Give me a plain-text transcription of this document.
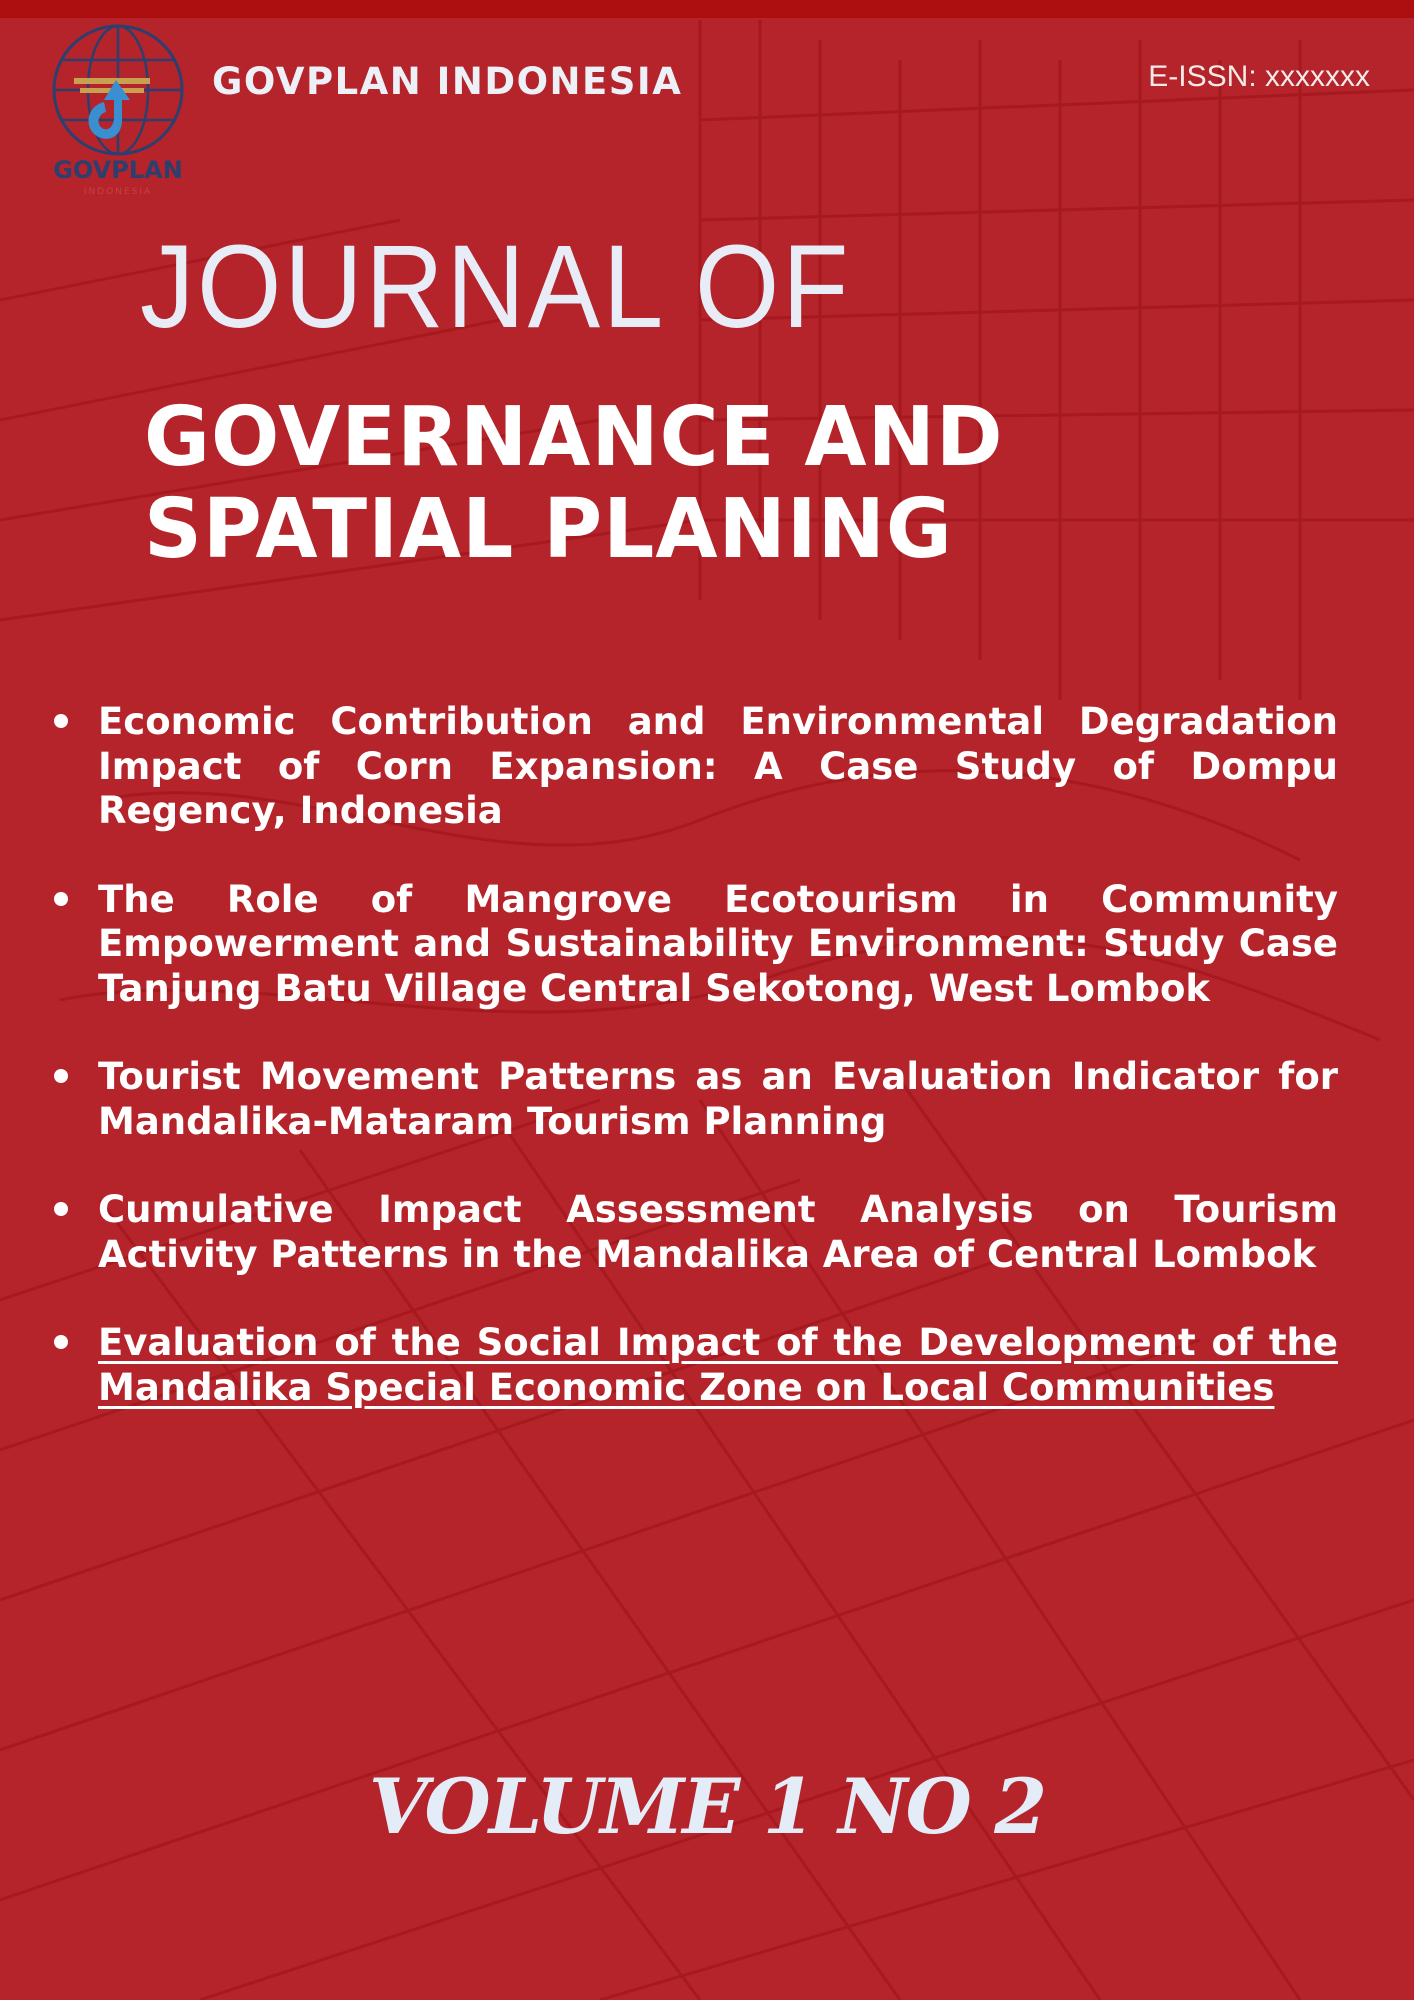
GOVPLAN
INDONESIA
GOVPLAN INDONESIA	E-ISSN: xxxxxxx
JOURNAL OF
GOVERNANCE AND
SPATIAL PLANING
Economic Contribution and Environmental Degradation Impact of Corn Expansion: A Case Study of Dompu Regency, Indonesia
The Role of Mangrove Ecotourism in Community Empowerment and Sustainability Environment: Study Case Tanjung Batu Village Central Sekotong, West Lombok
Tourist Movement Patterns as an Evaluation Indicator for Mandalika-Mataram Tourism Planning
Cumulative Impact Assessment Analysis on Tourism Activity Patterns in the Mandalika Area of Central Lombok
Evaluation of the Social Impact of the Development of the Mandalika Special Economic Zone on Local Communities
VOLUME 1 NO 2
